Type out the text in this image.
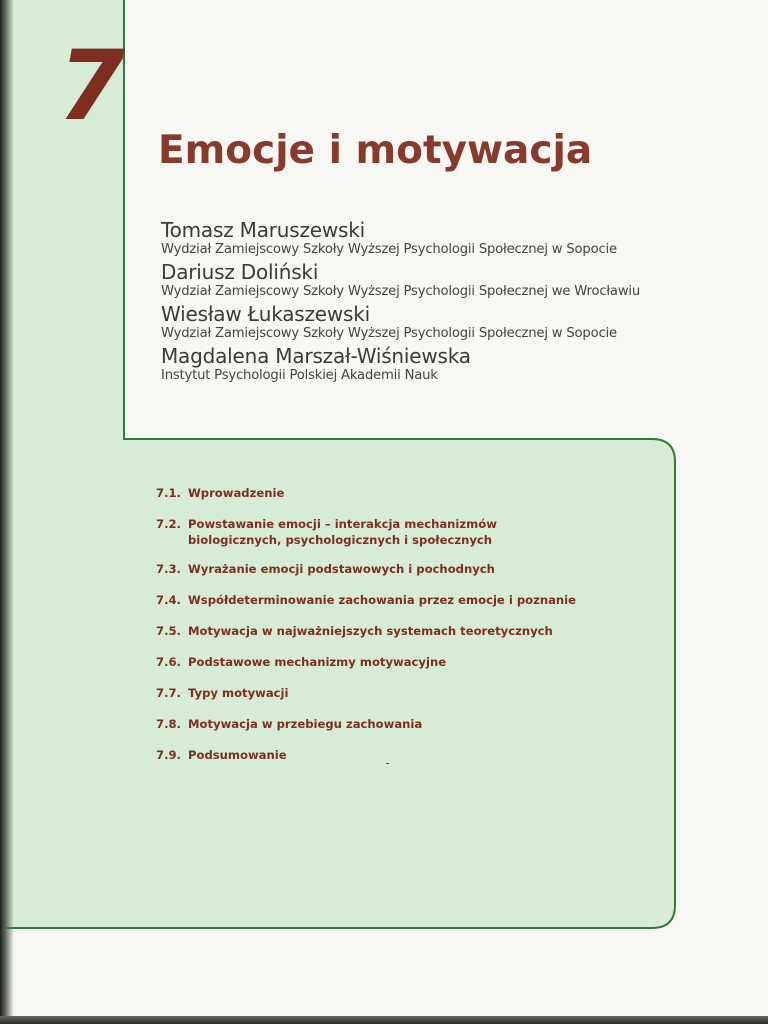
7
Emocje i motywacja
Tomasz Maruszewski
Wydział Zamiejscowy Szkoły Wyższej Psychologii Społecznej w Sopocie
Dariusz Doliński
Wydział Zamiejscowy Szkoły Wyższej Psychologii Społecznej we Wrocławiu
Wiesław Łukaszewski
Wydział Zamiejscowy Szkoły Wyższej Psychologii Społecznej w Sopocie
Magdalena Marszał-Wiśniewska
Instytut Psychologii Polskiej Akademii Nauk
7.1. Wprowadzenie
7.2. Powstawanie emocji – interakcja mechanizmów
biologicznych, psychologicznych i społecznych
7.3. Wyrażanie emocji podstawowych i pochodnych
7.4. Współdeterminowanie zachowania przez emocje i poznanie
7.5. Motywacja w najważniejszych systemach teoretycznych
7.6. Podstawowe mechanizmy motywacyjne
7.7. Typy motywacji
7.8. Motywacja w przebiegu zachowania
7.9. Podsumowanie
